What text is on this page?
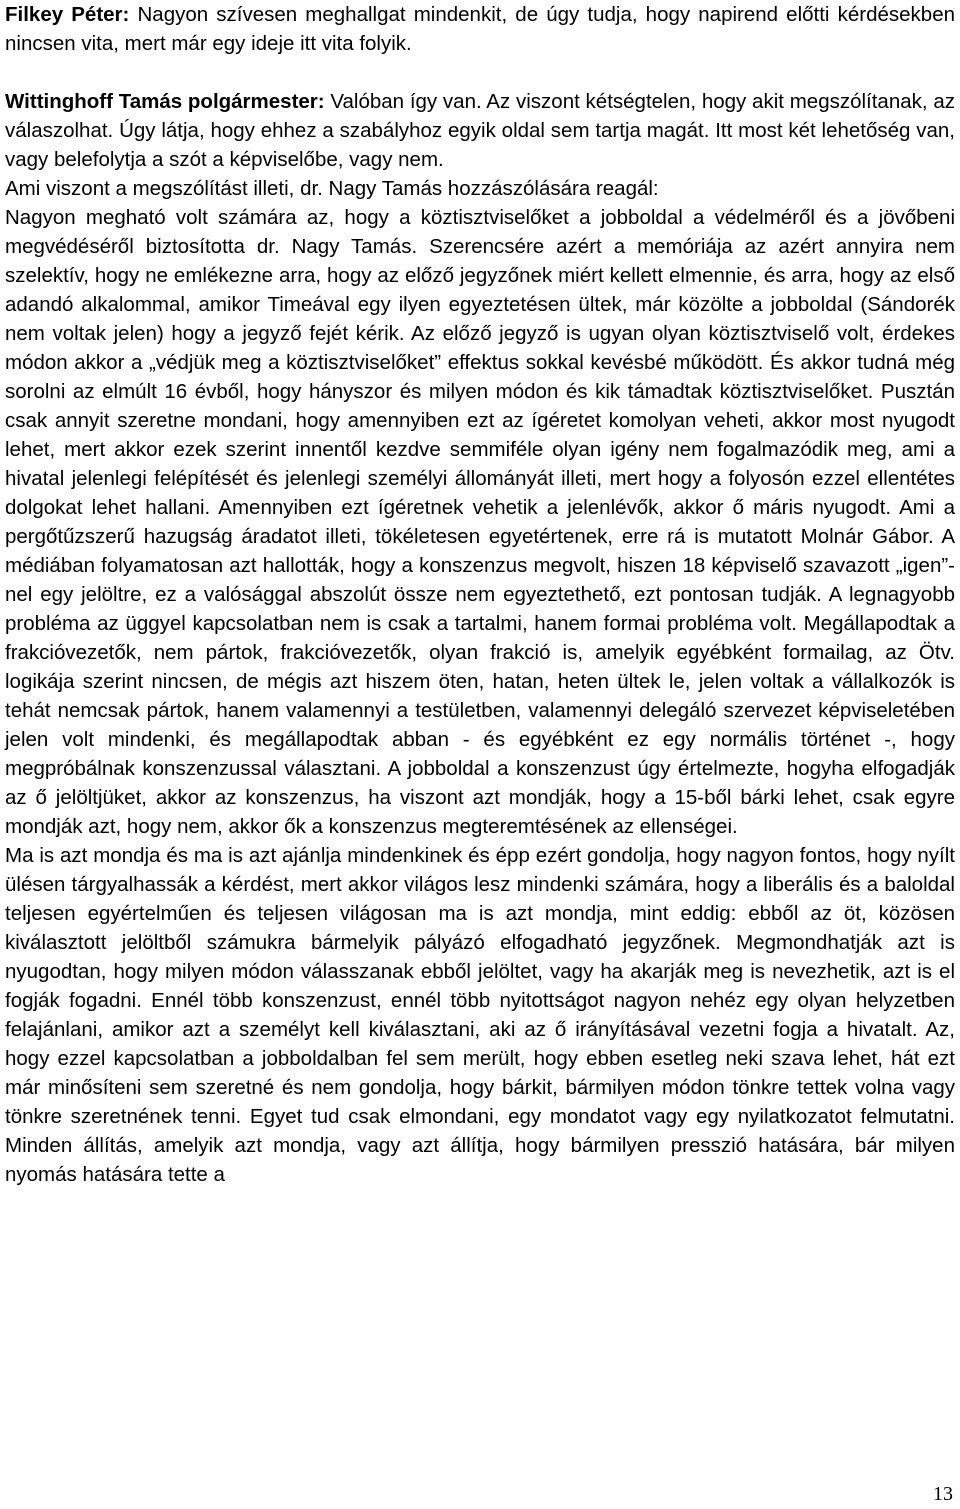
Filkey Péter: Nagyon szívesen meghallgat mindenkit, de úgy tudja, hogy napirend előtti kérdésekben nincsen vita, mert már egy ideje itt vita folyik.

Wittinghoff Tamás polgármester: Valóban így van. Az viszont kétségtelen, hogy akit megszólítanak, az válaszolhat. Úgy látja, hogy ehhez a szabályhoz egyik oldal sem tartja magát. Itt most két lehetőség van, vagy belefolytja a szót a képviselőbe, vagy nem.

Ami viszont a megszólítást illeti, dr. Nagy Tamás hozzászólására reagál:

Nagyon megható volt számára az, hogy a köztisztviselőket a jobboldal a védelméről és a jövőbeni megvédéséről biztosította dr. Nagy Tamás. Szerencsére azért a memóriája az azért annyira nem szelektív, hogy ne emlékezne arra, hogy az előző jegyzőnek miért kellett elmennie, és arra, hogy az első adandó alkalommal, amikor Timeával egy ilyen egyeztetésen ültek, már közölte a jobboldal (Sándorék nem voltak jelen) hogy a jegyző fejét kérik. Az előző jegyző is ugyan olyan köztisztviselő volt, érdekes módon akkor a „védjük meg a köztisztviselőket” effektus sokkal kevésbé működött. És akkor tudná még sorolni az elmúlt 16 évből, hogy hányszor és milyen módon és kik támadtak köztisztviselőket. Pusztán csak annyit szeretne mondani, hogy amennyiben ezt az ígéretet komolyan veheti, akkor most nyugodt lehet, mert akkor ezek szerint innentől kezdve semmiféle olyan igény nem fogalmazódik meg, ami a hivatal jelenlegi felépítését és jelenlegi személyi állományát illeti, mert hogy a folyosón ezzel ellentétes dolgokat lehet hallani. Amennyiben ezt ígéretnek vehetik a jelenlévők, akkor ő máris nyugodt. Ami a pergőtűzszerű hazugság áradatot illeti, tökéletesen egyetértenek, erre rá is mutatott Molnár Gábor. A médiában folyamatosan azt hallották, hogy a konszenzus megvolt, hiszen 18 képviselő szavazott „igen”-nel egy jelöltre, ez a valósággal abszolút össze nem egyeztethető, ezt pontosan tudják. A legnagyobb probléma az üggyel kapcsolatban nem is csak a tartalmi, hanem formai probléma volt. Megállapodtak a frakcióvezetők, nem pártok, frakcióvezetők, olyan frakció is, amelyik egyébként formailag, az Ötv. logikája szerint nincsen, de mégis azt hiszem öten, hatan, heten ültek le, jelen voltak a vállalkozók is tehát nemcsak pártok, hanem valamennyi a testületben, valamennyi delegáló szervezet képviseletében jelen volt mindenki, és megállapodtak abban - és egyébként ez egy normális történet -, hogy megpróbálnak konszenzussal választani. A jobboldal a konszenzust úgy értelmezte, hogyha elfogadják az ő jelöltjüket, akkor az konszenzus, ha viszont azt mondják, hogy a 15-ből bárki lehet, csak egyre mondják azt, hogy nem, akkor ők a konszenzus megteremtésének az ellenségei.

Ma is azt mondja és ma is azt ajánlja mindenkinek és épp ezért gondolja, hogy nagyon fontos, hogy nyílt ülésen tárgyalhassák a kérdést, mert akkor világos lesz mindenki számára, hogy a liberális és a baloldal teljesen egyértelműen és teljesen világosan ma is azt mondja, mint eddig: ebből az öt, közösen kiválasztott jelöltből számukra bármelyik pályázó elfogadható jegyzőnek. Megmondhatják azt is nyugodtan, hogy milyen módon válasszanak ebből jelöltet, vagy ha akarják meg is nevezhetik, azt is el fogják fogadni. Ennél több konszenzust, ennél több nyitottságot nagyon nehéz egy olyan helyzetben felajánlani, amikor azt a személyt kell kiválasztani, aki az ő irányításával vezetni fogja a hivatalt. Az, hogy ezzel kapcsolatban a jobboldalban fel sem merült, hogy ebben esetleg neki szava lehet, hát ezt már minősíteni sem szeretné és nem gondolja, hogy bárkit, bármilyen módon tönkre tettek volna vagy tönkre szeretnének tenni. Egyet tud csak elmondani, egy mondatot vagy egy nyilatkozatot felmutatni. Minden állítás, amelyik azt mondja, vagy azt állítja, hogy bármilyen presszió hatására, bár milyen nyomás hatására tette a

13
